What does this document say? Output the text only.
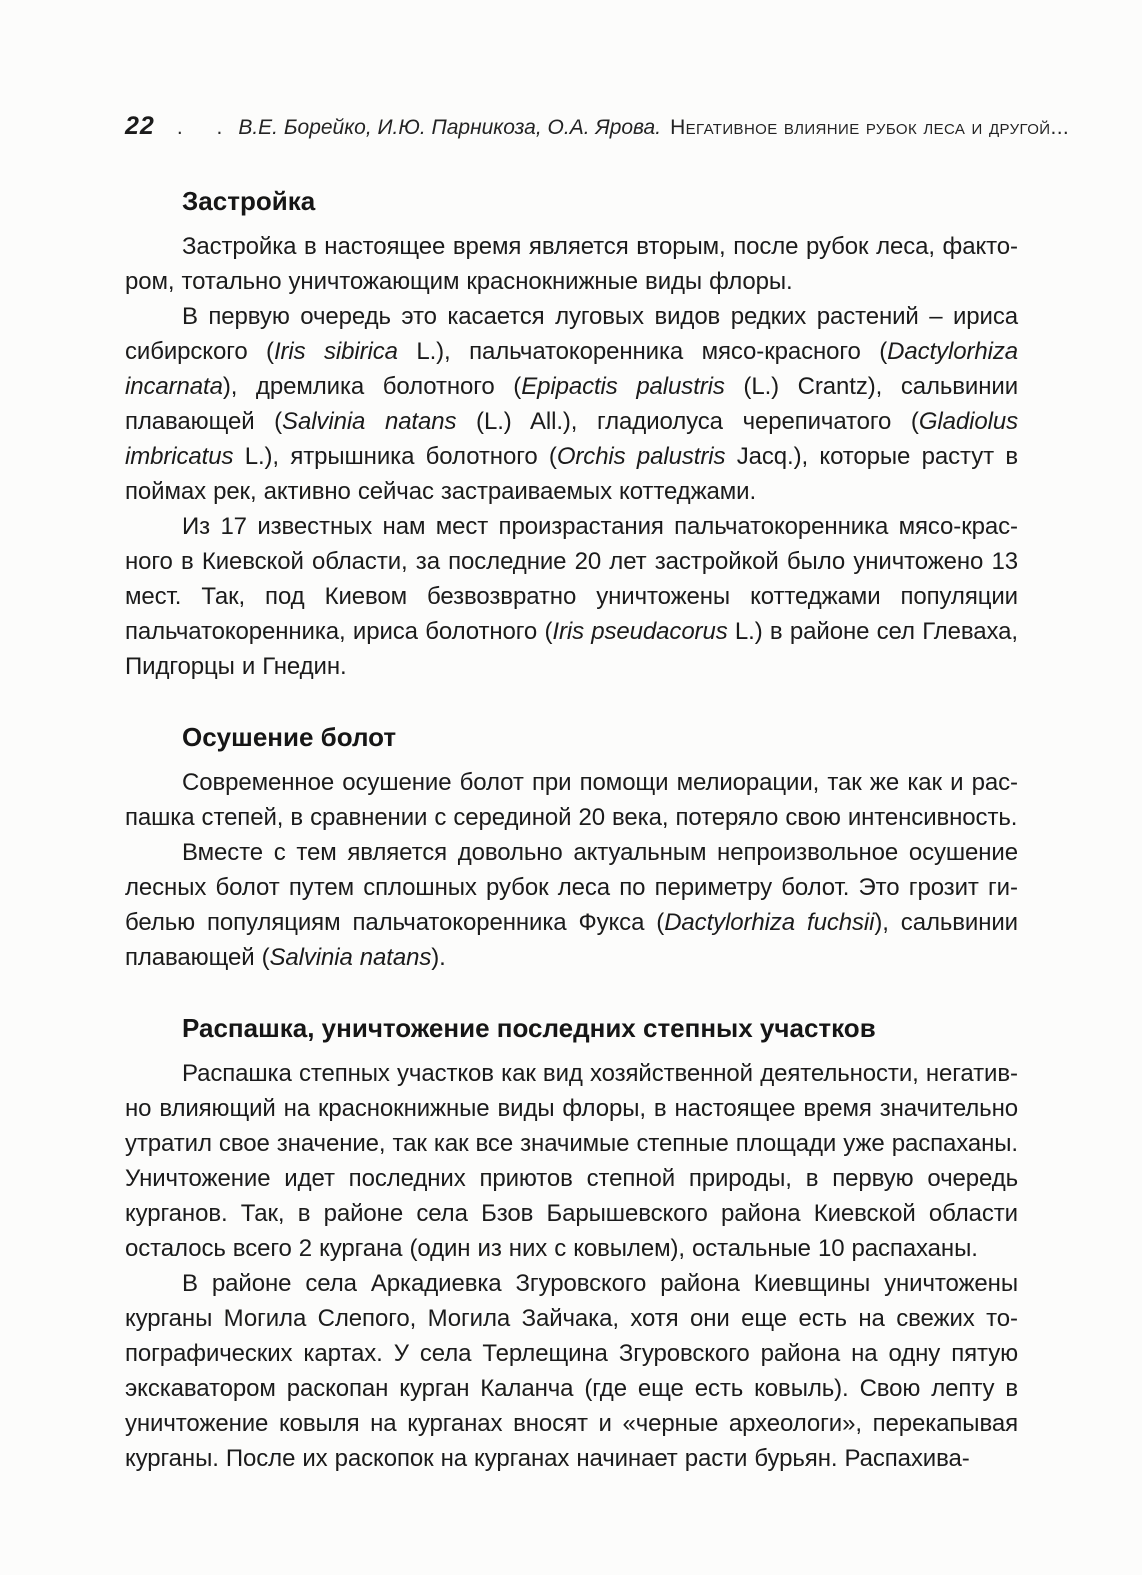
22 . . В.Е. Борейко, И.Ю. Парникоза, О.А. Ярова. Негативное влияние рубок леса и другой...
Застройка

Застройка в настоящее время является вторым, после рубок леса, фактором, тотально уничтожающим краснокнижные виды флоры.

В первую очередь это касается луговых видов редких растений – ириса сибирского (Iris sibirica L.), пальчатокоренника мясо-красного (Dactylorhiza incarnata), дремлика болотного (Epipactis palustris (L.) Crantz), сальвинии плавающей (Salvinia natans (L.) All.), гладиолуса черепичатого (Gladiolus imbricatus L.), ятрышника болотного (Orchis palustris Jacq.), которые растут в поймах рек, активно сейчас застраиваемых коттеджами.

Из 17 известных нам мест произрастания пальчатокоренника мясо-красного в Киевской области, за последние 20 лет застройкой было уничтожено 13 мест. Так, под Киевом безвозвратно уничтожены коттеджами популяции пальчатокоренника, ириса болотного (Iris pseudacorus L.) в районе сел Глеваха, Пидгорцы и Гнедин.

Осушение болот

Современное осушение болот при помощи мелиорации, так же как и распашка степей, в сравнении с серединой 20 века, потеряло свою интенсивность.

Вместе с тем является довольно актуальным непроизвольное осушение лесных болот путем сплошных рубок леса по периметру болот. Это грозит гибелью популяциям пальчатокоренника Фукса (Dactylorhiza fuchsii), сальвинии плавающей (Salvinia natans).

Распашка, уничтожение последних степных участков

Распашка степных участков как вид хозяйственной деятельности, негативно влияющий на краснокнижные виды флоры, в настоящее время значительно утратил свое значение, так как все значимые степные площади уже распаханы. Уничтожение идет последних приютов степной природы, в первую очередь курганов. Так, в районе села Бзов Барышевского района Киевской области осталось всего 2 кургана (один из них с ковылем), остальные 10 распаханы.

В районе села Аркадиевка Згуровского района Киевщины уничтожены курганы Могила Слепого, Могила Зайчака, хотя они еще есть на свежих топографических картах. У села Терлещина Згуровского района на одну пятую экскаватором раскопан курган Каланча (где еще есть ковыль). Свою лепту в уничтожение ковыля на курганах вносят и «черные археологи», перекапывая курганы. После их раскопок на курганах начинает расти бурьян. Распахива-
